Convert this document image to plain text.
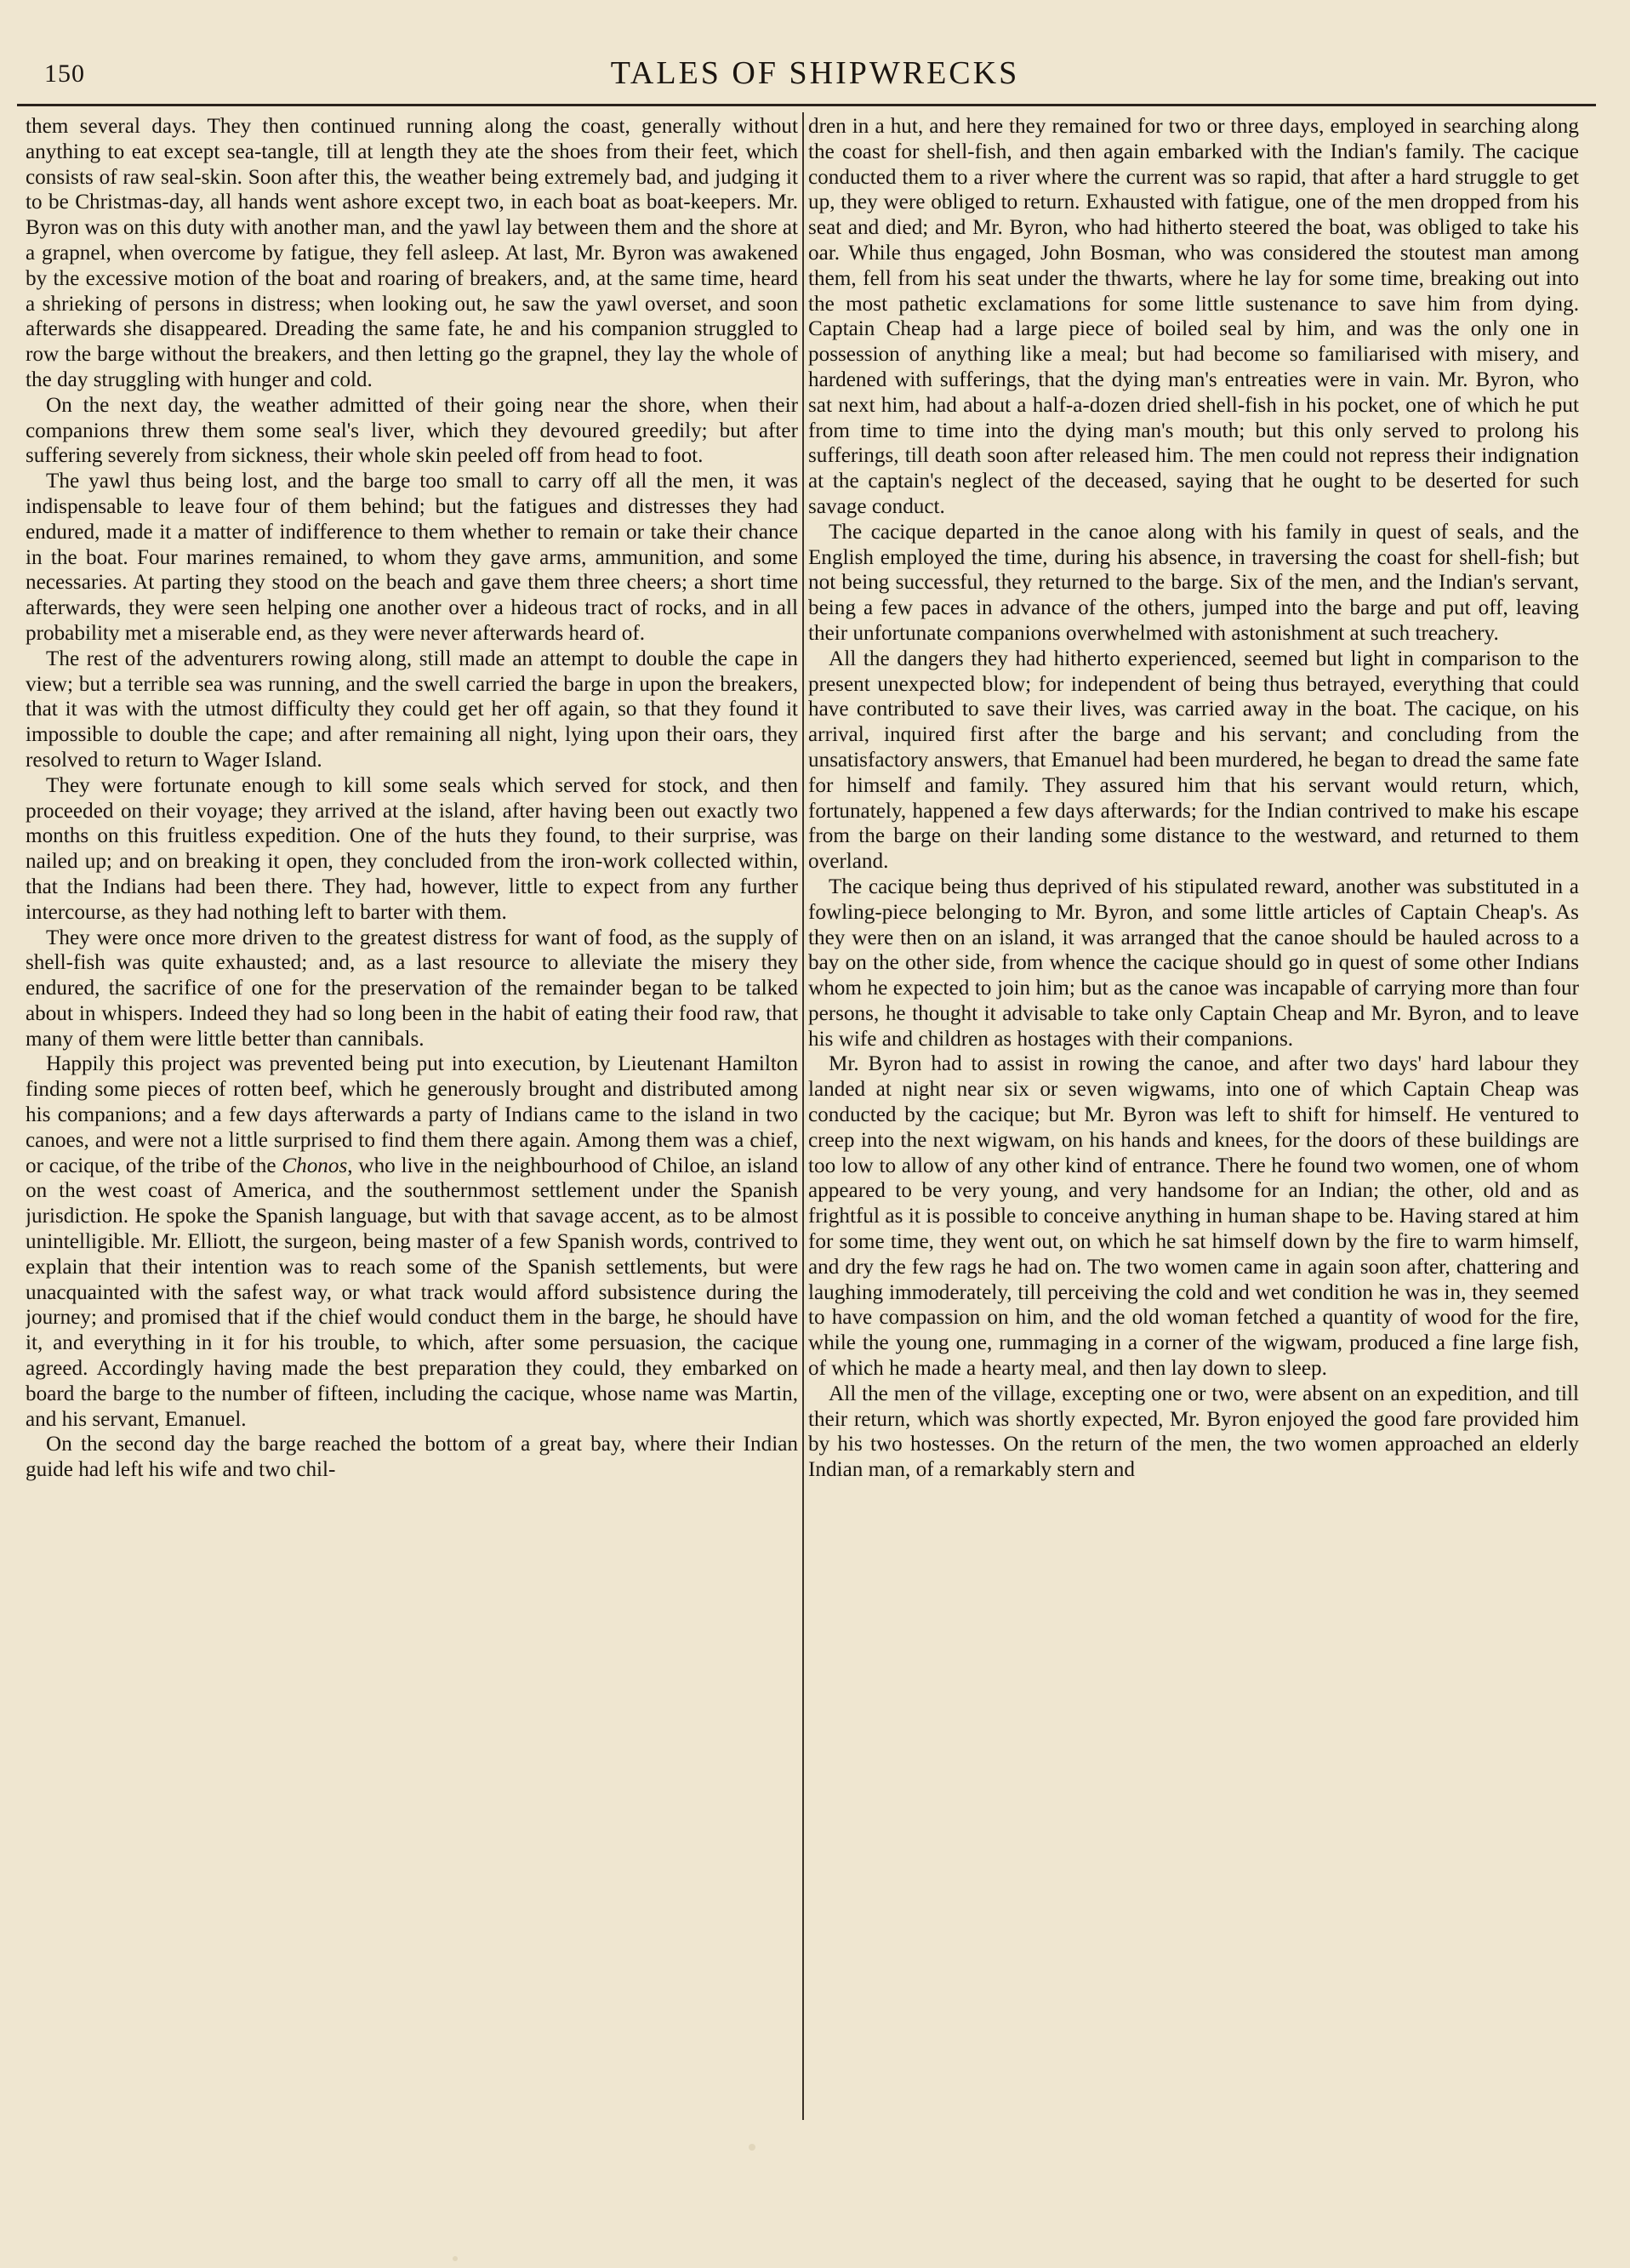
150	TALES OF SHIPWRECKS

them several days. They then continued running along the coast, generally without anything to eat except sea-tangle, till at length they ate the shoes from their feet, which consists of raw seal-skin. Soon after this, the weather being extremely bad, and judging it to be Christmas-day, all hands went ashore except two, in each boat as boat-keepers. Mr. Byron was on this duty with another man, and the yawl lay between them and the shore at a grapnel, when overcome by fatigue, they fell asleep. At last, Mr. Byron was awakened by the excessive motion of the boat and roaring of breakers, and, at the same time, heard a shrieking of persons in distress; when looking out, he saw the yawl overset, and soon afterwards she disappeared. Dreading the same fate, he and his companion struggled to row the barge without the breakers, and then letting go the grapnel, they lay the whole of the day struggling with hunger and cold.

On the next day, the weather admitted of their going near the shore, when their companions threw them some seal's liver, which they devoured greedily; but after suffering severely from sickness, their whole skin peeled off from head to foot.

The yawl thus being lost, and the barge too small to carry off all the men, it was indispensable to leave four of them behind; but the fatigues and distresses they had endured, made it a matter of indifference to them whether to remain or take their chance in the boat. Four marines remained, to whom they gave arms, ammunition, and some necessaries. At parting they stood on the beach and gave them three cheers; a short time afterwards, they were seen helping one another over a hideous tract of rocks, and in all probability met a miserable end, as they were never afterwards heard of.

The rest of the adventurers rowing along, still made an attempt to double the cape in view; but a terrible sea was running, and the swell carried the barge in upon the breakers, that it was with the utmost difficulty they could get her off again, so that they found it impossible to double the cape; and after remaining all night, lying upon their oars, they resolved to return to Wager Island.

They were fortunate enough to kill some seals which served for stock, and then proceeded on their voyage; they arrived at the island, after having been out exactly two months on this fruitless expedition. One of the huts they found, to their surprise, was nailed up; and on breaking it open, they concluded from the iron-work collected within, that the Indians had been there. They had, however, little to expect from any further intercourse, as they had nothing left to barter with them.

They were once more driven to the greatest distress for want of food, as the supply of shell-fish was quite exhausted; and, as a last resource to alleviate the misery they endured, the sacrifice of one for the preservation of the remainder began to be talked about in whispers. Indeed they had so long been in the habit of eating their food raw, that many of them were little better than cannibals.

Happily this project was prevented being put into execution, by Lieutenant Hamilton finding some pieces of rotten beef, which he generously brought and distributed among his companions; and a few days afterwards a party of Indians came to the island in two canoes, and were not a little surprised to find them there again. Among them was a chief, or cacique, of the tribe of the Chonos, who live in the neighbourhood of Chiloe, an island on the west coast of America, and the southernmost settlement under the Spanish jurisdiction. He spoke the Spanish language, but with that savage accent, as to be almost unintelligible. Mr. Elliott, the surgeon, being master of a few Spanish words, contrived to explain that their intention was to reach some of the Spanish settlements, but were unacquainted with the safest way, or what track would afford subsistence during the journey; and promised that if the chief would conduct them in the barge, he should have it, and everything in it for his trouble, to which, after some persuasion, the cacique agreed. Accordingly having made the best preparation they could, they embarked on board the barge to the number of fifteen, including the cacique, whose name was Martin, and his servant, Emanuel.

On the second day the barge reached the bottom of a great bay, where their Indian guide had left his wife and two chil-

dren in a hut, and here they remained for two or three days, employed in searching along the coast for shell-fish, and then again embarked with the Indian's family. The cacique conducted them to a river where the current was so rapid, that after a hard struggle to get up, they were obliged to return. Exhausted with fatigue, one of the men dropped from his seat and died; and Mr. Byron, who had hitherto steered the boat, was obliged to take his oar. While thus engaged, John Bosman, who was considered the stoutest man among them, fell from his seat under the thwarts, where he lay for some time, breaking out into the most pathetic exclamations for some little sustenance to save him from dying. Captain Cheap had a large piece of boiled seal by him, and was the only one in possession of anything like a meal; but had become so familiarised with misery, and hardened with sufferings, that the dying man's entreaties were in vain. Mr. Byron, who sat next him, had about a half-a-dozen dried shell-fish in his pocket, one of which he put from time to time into the dying man's mouth; but this only served to prolong his sufferings, till death soon after released him. The men could not repress their indignation at the captain's neglect of the deceased, saying that he ought to be deserted for such savage conduct.

The cacique departed in the canoe along with his family in quest of seals, and the English employed the time, during his absence, in traversing the coast for shell-fish; but not being successful, they returned to the barge. Six of the men, and the Indian's servant, being a few paces in advance of the others, jumped into the barge and put off, leaving their unfortunate companions overwhelmed with astonishment at such treachery.

All the dangers they had hitherto experienced, seemed but light in comparison to the present unexpected blow; for independent of being thus betrayed, everything that could have contributed to save their lives, was carried away in the boat. The cacique, on his arrival, inquired first after the barge and his servant; and concluding from the unsatisfactory answers, that Emanuel had been murdered, he began to dread the same fate for himself and family. They assured him that his servant would return, which, fortunately, happened a few days afterwards; for the Indian contrived to make his escape from the barge on their landing some distance to the westward, and returned to them overland.

The cacique being thus deprived of his stipulated reward, another was substituted in a fowling-piece belonging to Mr. Byron, and some little articles of Captain Cheap's. As they were then on an island, it was arranged that the canoe should be hauled across to a bay on the other side, from whence the cacique should go in quest of some other Indians whom he expected to join him; but as the canoe was incapable of carrying more than four persons, he thought it advisable to take only Captain Cheap and Mr. Byron, and to leave his wife and children as hostages with their companions.

Mr. Byron had to assist in rowing the canoe, and after two days' hard labour they landed at night near six or seven wigwams, into one of which Captain Cheap was conducted by the cacique; but Mr. Byron was left to shift for himself. He ventured to creep into the next wigwam, on his hands and knees, for the doors of these buildings are too low to allow of any other kind of entrance. There he found two women, one of whom appeared to be very young, and very handsome for an Indian; the other, old and as frightful as it is possible to conceive anything in human shape to be. Having stared at him for some time, they went out, on which he sat himself down by the fire to warm himself, and dry the few rags he had on. The two women came in again soon after, chattering and laughing immoderately, till perceiving the cold and wet condition he was in, they seemed to have compassion on him, and the old woman fetched a quantity of wood for the fire, while the young one, rummaging in a corner of the wigwam, produced a fine large fish, of which he made a hearty meal, and then lay down to sleep.

All the men of the village, excepting one or two, were absent on an expedition, and till their return, which was shortly expected, Mr. Byron enjoyed the good fare provided him by his two hostesses. On the return of the men, the two women approached an elderly Indian man, of a remarkably stern and
